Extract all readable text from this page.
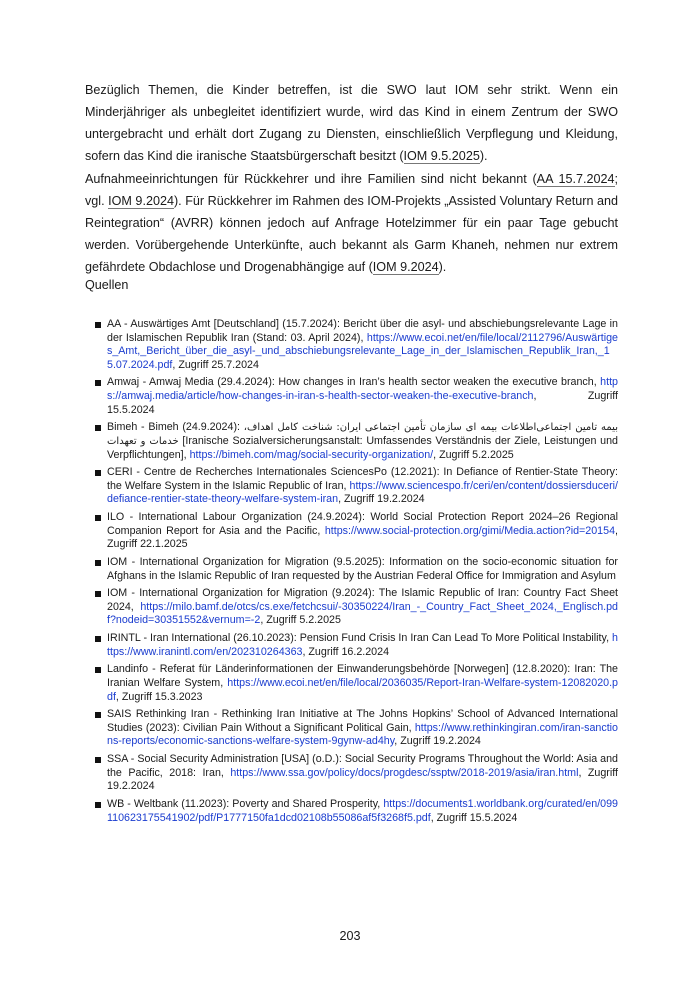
Bezüglich Themen, die Kinder betreffen, ist die SWO laut IOM sehr strikt. Wenn ein Minderjähriger als unbegleitet identifiziert wurde, wird das Kind in einem Zentrum der SWO untergebracht und erhält dort Zugang zu Diensten, einschließlich Verpflegung und Kleidung, sofern das Kind die iranische Staatsbürgerschaft besitzt (IOM 9.5.2025).

Aufnahmeeinrichtungen für Rückkehrer und ihre Familien sind nicht bekannt (AA 15.7.2024; vgl. IOM 9.2024). Für Rückkehrer im Rahmen des IOM-Projekts „Assisted Voluntary Return and Reintegration“ (AVRR) können jedoch auf Anfrage Hotelzimmer für ein paar Tage gebucht werden. Vorübergehende Unterkünfte, auch bekannt als Garm Khaneh, nehmen nur extrem gefährdete Obdachlose und Drogenabhängige auf (IOM 9.2024).

Quellen

AA - Auswärtiges Amt [Deutschland] (15.7.2024): Bericht über die asyl- und abschiebungsrelevante Lage in der Islamischen Republik Iran (Stand: 03. April 2024), https://www.ecoi.net/en/file/local/2112796/Auswärtiges_Amt,_Bericht_über_die_asyl-_und_abschiebungsrelevante_Lage_in_der_Islamischen_Republik_Iran,_15.07.2024.pdf, Zugriff 25.7.2024
Amwaj - Amwaj Media (29.4.2024): How changes in Iran’s health sector weaken the executive branch, https://amwaj.media/article/how-changes-in-iran-s-health-sector-weaken-the-executive-branch, Zugriff 15.5.2024
Bimeh - Bimeh (24.9.2024): بیمه تامین اجتماعی‌اطلاعات بیمه ای سازمان تأمین اجتماعی ایران: شناخت کامل اهداف، خدمات و تعهدات [Iranische Sozialversicherungsanstalt: Umfassendes Verständnis der Ziele, Leistungen und Verpflichtungen], https://bimeh.com/mag/social-security-organization/, Zugriff 5.2.2025
CERI - Centre de Recherches Internationales SciencesPo (12.2021): In Defiance of Rentier-State Theory: the Welfare System in the Islamic Republic of Iran, https://www.sciencespo.fr/ceri/en/content/dossiersduceri/defiance-rentier-state-theory-welfare-system-iran, Zugriff 19.2.2024
ILO - International Labour Organization (24.9.2024): World Social Protection Report 2024–26 Regional Companion Report for Asia and the Pacific, https://www.social-protection.org/gimi/Media.action?id=20154, Zugriff 22.1.2025
IOM - International Organization for Migration (9.5.2025): Information on the socio-economic situation for Afghans in the Islamic Republic of Iran requested by the Austrian Federal Office for Immigration and Asylum
IOM - International Organization for Migration (9.2024): The Islamic Republic of Iran: Country Fact Sheet 2024, https://milo.bamf.de/otcs/cs.exe/fetchcsui/-30350224/Iran_-_Country_Fact_Sheet_2024,_Englisch.pdf?nodeid=30351552&vernum=-2, Zugriff 5.2.2025
IRINTL - Iran International (26.10.2023): Pension Fund Crisis In Iran Can Lead To More Political Instability, https://www.iranintl.com/en/202310264363, Zugriff 16.2.2024
Landinfo - Referat für Länderinformationen der Einwanderungsbehörde [Norwegen] (12.8.2020): Iran: The Iranian Welfare System, https://www.ecoi.net/en/file/local/2036035/Report-Iran-Welfare-system-12082020.pdf, Zugriff 15.3.2023
SAIS Rethinking Iran - Rethinking Iran Initiative at The Johns Hopkins’ School of Advanced International Studies (2023): Civilian Pain Without a Significant Political Gain, https://www.rethinkingiran.com/iran-sanctions-reports/economic-sanctions-welfare-system-9gynw-ad4hy, Zugriff 19.2.2024
SSA - Social Security Administration [USA] (o.D.): Social Security Programs Throughout the World: Asia and the Pacific, 2018: Iran, https://www.ssa.gov/policy/docs/progdesc/ssptw/2018-2019/asia/iran.html, Zugriff 19.2.2024
WB - Weltbank (11.2023): Poverty and Shared Prosperity, https://documents1.worldbank.org/curated/en/099110623175541902/pdf/P1777150fa1dcd02108b55086af5f3268f5.pdf, Zugriff 15.5.2024
203
